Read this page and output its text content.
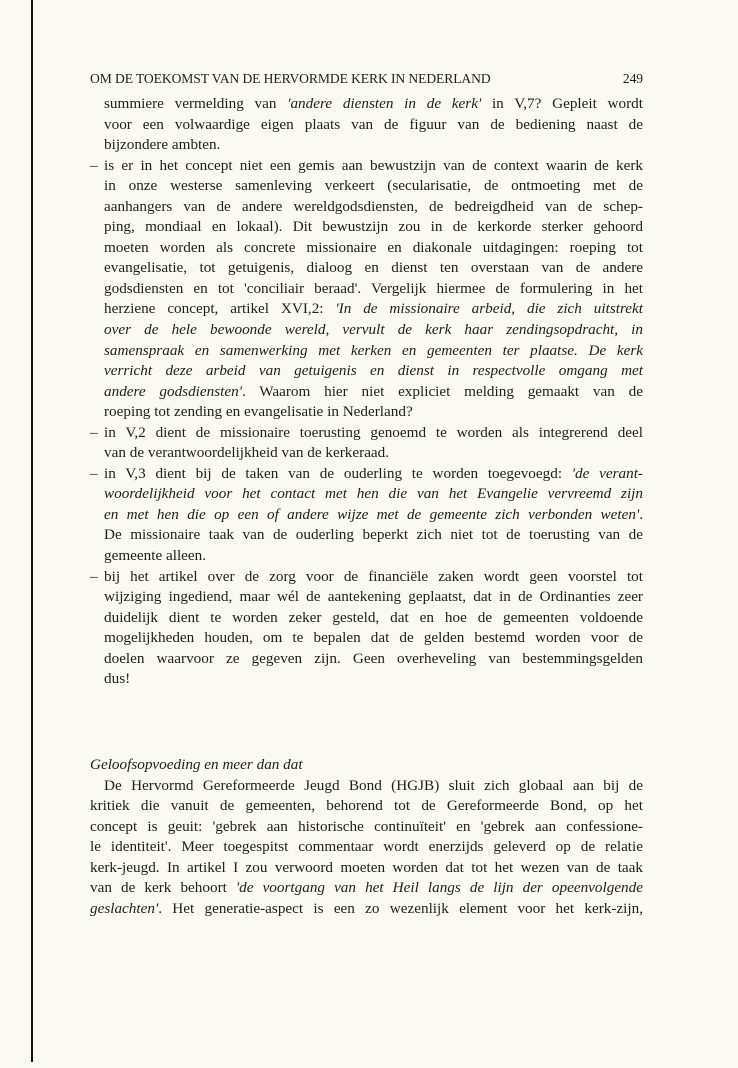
OM DE TOEKOMST VAN DE HERVORMDE KERK IN NEDERLAND	249
summiere vermelding van 'andere diensten in de kerk' in V,7? Gepleit wordt
voor een volwaardige eigen plaats van de figuur van de bediening naast de
bijzondere ambten.
is er in het concept niet een gemis aan bewustzijn van de context waarin de kerk
–
in onze westerse samenleving verkeert (secularisatie, de ontmoeting met de
aanhangers van de andere wereldgodsdiensten, de bedreigdheid van de schep-
ping, mondiaal en lokaal). Dit bewustzijn zou in de kerkorde sterker gehoord
moeten worden als concrete missionaire en diakonale uitdagingen: roeping tot
evangelisatie, tot getuigenis, dialoog en dienst ten overstaan van de andere
godsdiensten en tot 'conciliair beraad'. Vergelijk hiermee de formulering in het
herziene concept, artikel XVI,2: 'In de missionaire arbeid, die zich uitstrekt
over de hele bewoonde wereld, vervult de kerk haar zendingsopdracht, in
samenspraak en samenwerking met kerken en gemeenten ter plaatse. De kerk
verricht deze arbeid van getuigenis en dienst in respectvolle omgang met
andere godsdiensten'. Waarom hier niet expliciet melding gemaakt van de
roeping tot zending en evangelisatie in Nederland?
in V,2 dient de missionaire toerusting genoemd te worden als integrerend deel
–
van de verantwoordelijkheid van de kerkeraad.
in V,3 dient bij de taken van de ouderling te worden toegevoegd: 'de verant-
–
woordelijkheid voor het contact met hen die van het Evangelie vervreemd zijn
en met hen die op een of andere wijze met de gemeente zich verbonden weten'.
De missionaire taak van de ouderling beperkt zich niet tot de toerusting van de
gemeente alleen.
bij het artikel over de zorg voor de financiële zaken wordt geen voorstel tot
–
wijziging ingediend, maar wél de aantekening geplaatst, dat in de Ordinanties zeer
duidelijk dient te worden zeker gesteld, dat en hoe de gemeenten voldoende
mogelijkheden houden, om te bepalen dat de gelden bestemd worden voor de
doelen waarvoor ze gegeven zijn. Geen overheveling van bestemmingsgelden
dus!
Geloofsopvoeding en meer dan dat
De Hervormd Gereformeerde Jeugd Bond (HGJB) sluit zich globaal aan bij de
kritiek die vanuit de gemeenten, behorend tot de Gereformeerde Bond, op het
concept is geuit: 'gebrek aan historische continuïteit' en 'gebrek aan confessione-
le identiteit'. Meer toegespitst commentaar wordt enerzijds geleverd op de relatie
kerk-jeugd. In artikel I zou verwoord moeten worden dat tot het wezen van de taak
van de kerk behoort 'de voortgang van het Heil langs de lijn der opeenvolgende
geslachten'. Het generatie-aspect is een zo wezenlijk element voor het kerk-zijn,
